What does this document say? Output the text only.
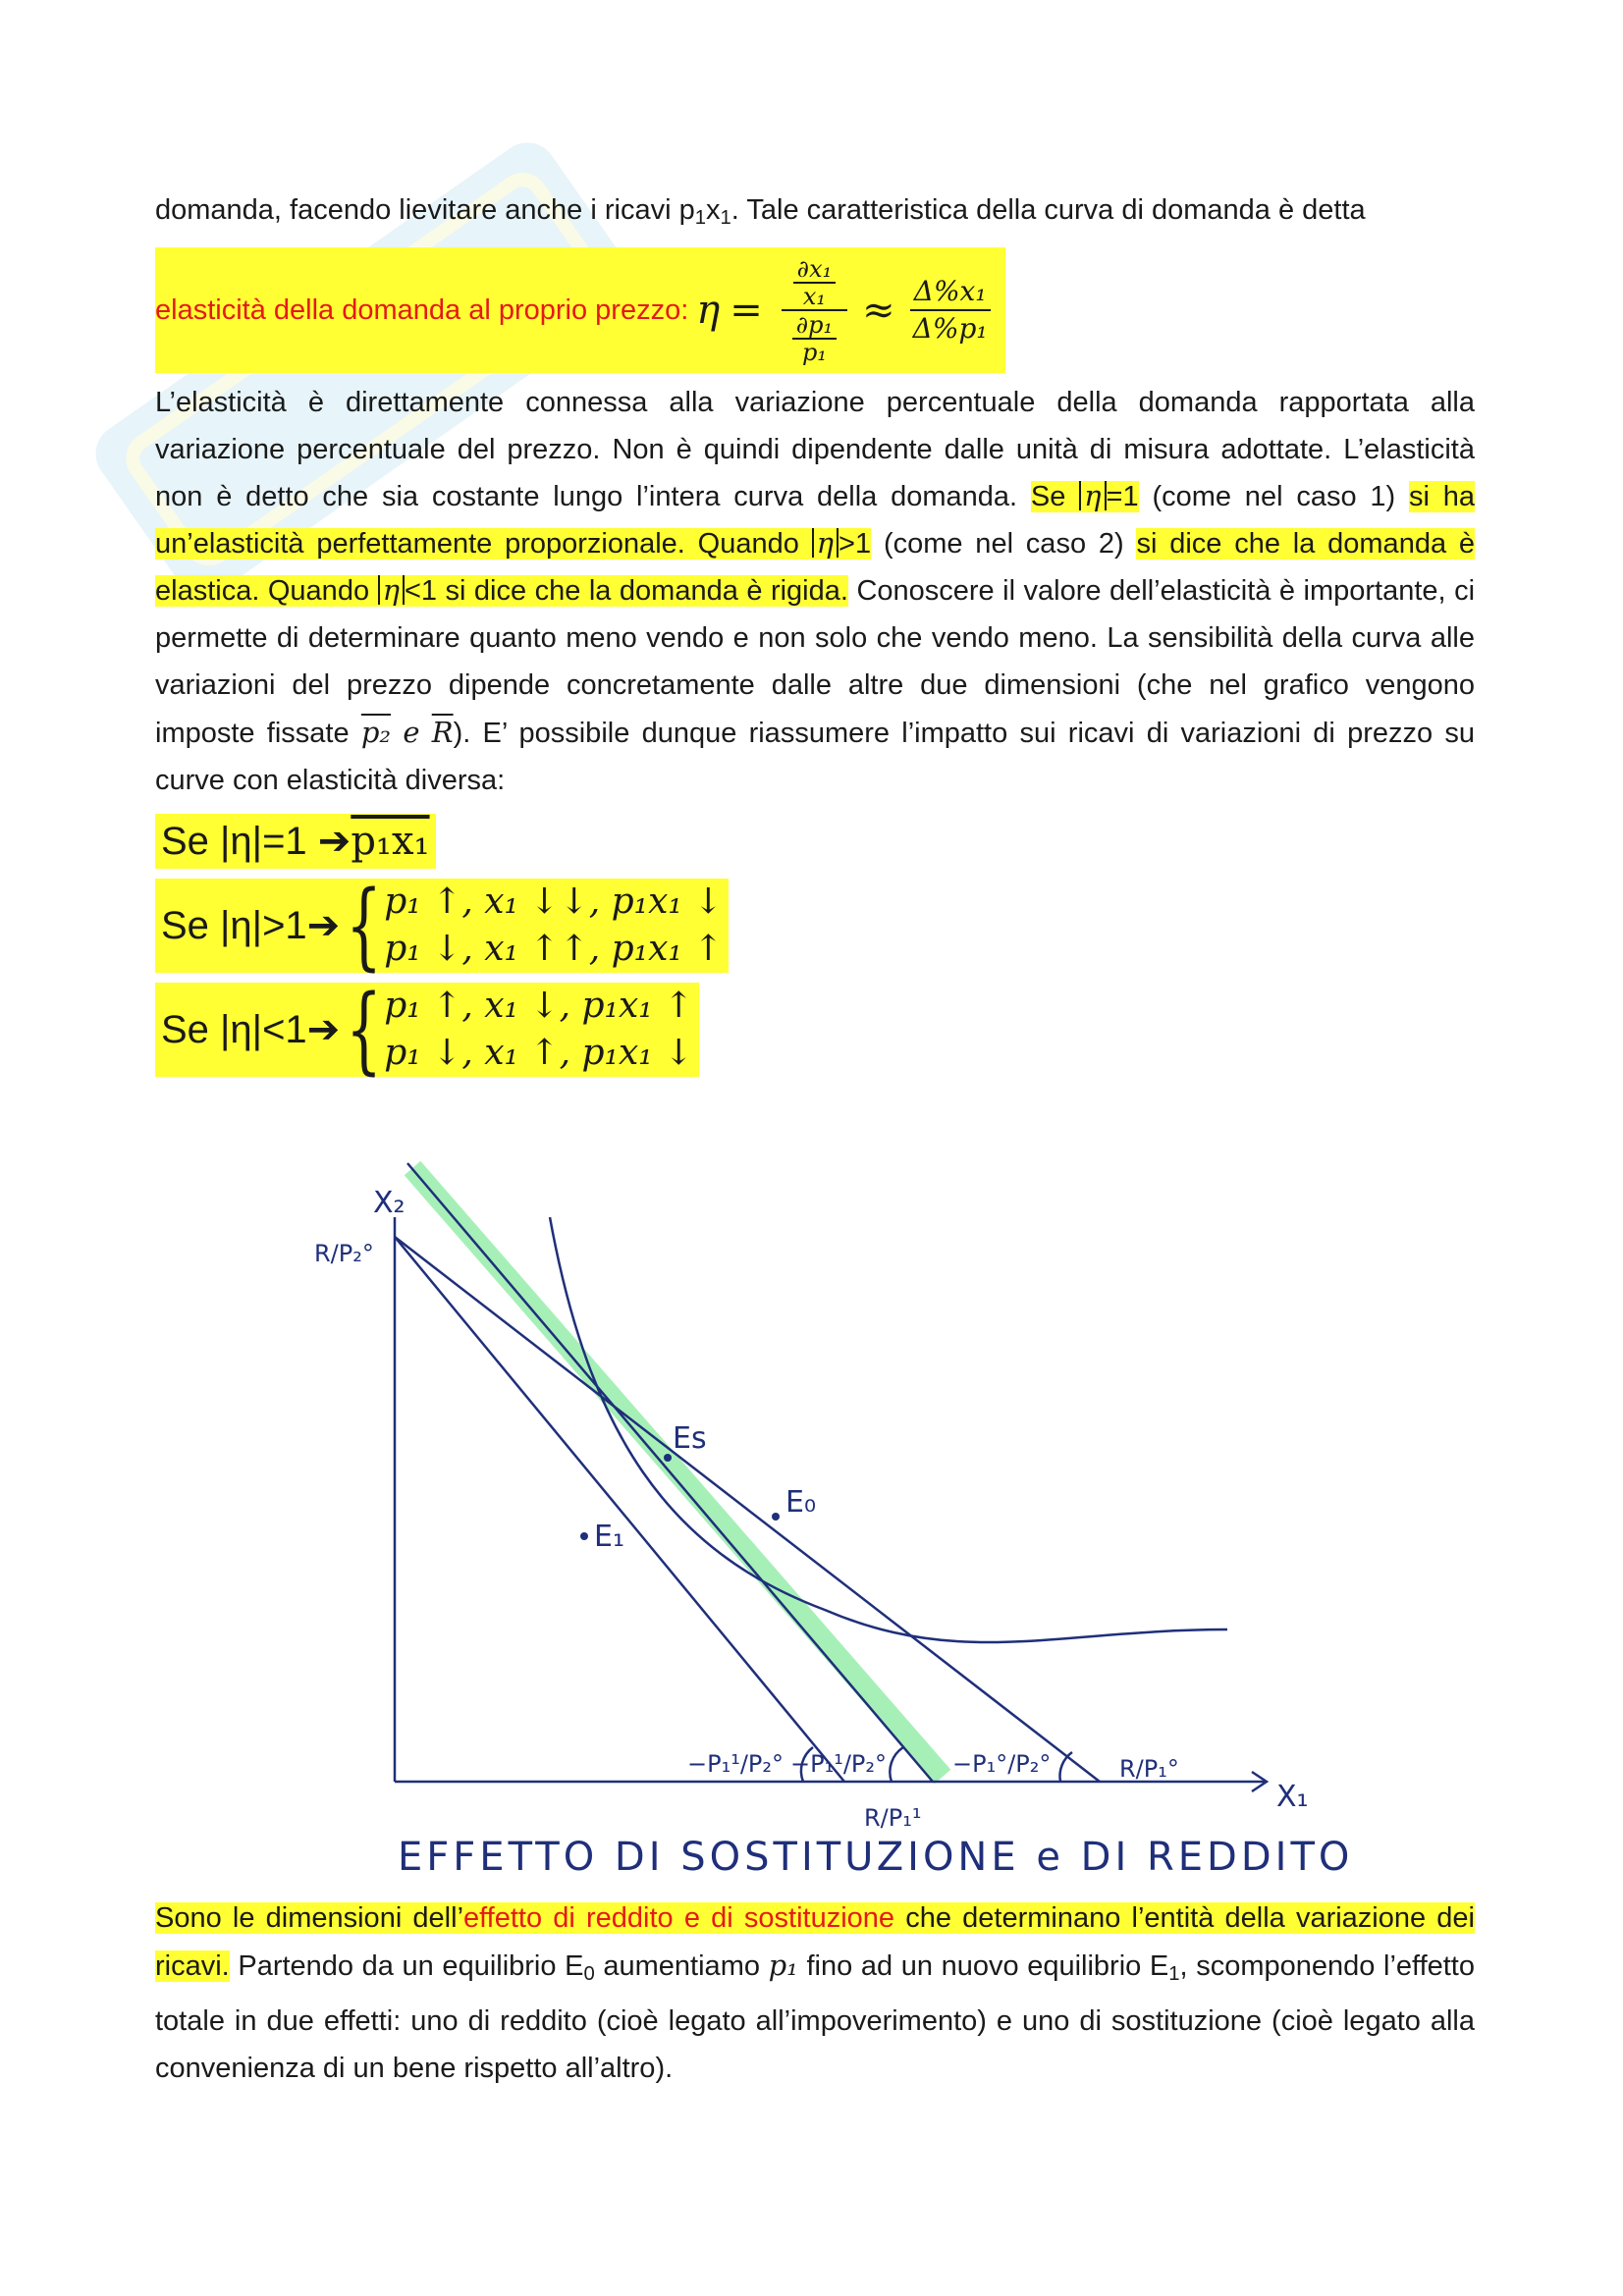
domanda, facendo lievitare anche i ricavi $p_1x_1$. Tale caratteristica della curva di domanda è detta

elasticità della domanda al proprio prezzo: $\eta = \frac{\frac{\text{∂x₁}}{\text{x₁}}}{\frac{\text{∂p₁}}{\text{p₁}}} \approx \frac{\text{Δ\%x₁}}{\text{Δ\%p₁}}$

L’elasticità è direttamente connessa alla variazione percentuale della domanda rapportata alla variazione percentuale del prezzo. Non è quindi dipendente dalle unità di misura adottate. L’elasticità non è detto che sia costante lungo l’intera curva della domanda. Se η =1 (come nel caso 1) si ha un’elasticità perfettamente proporzionale. Quando η >1 (come nel caso 2) si dice che la domanda è elastica. Quando η <1 si dice che la domanda è rigida. Conoscere il valore dell’elasticità è importante, ci permette di determinare quanto meno vendo e non solo che vendo meno. La sensibilità della curva alle variazioni del prezzo dipende concretamente dalle altre due dimensioni (che nel grafico vengono imposte fissate p₂ e $\overline{R}$). E’ possibile dunque riassumere l’impatto sui ricavi di variazioni di prezzo su curve con elasticità diversa:

Se |η|=1 ➔ p₁x₁

Se |η|>1➔ { p₁ ↑, x₁ ↓↓, p₁x₁ ↓
p₁ ↓, x₁ ↑↑, p₁x₁ ↑

Se |η|<1➔ { p₁ ↑, x₁ ↓, p₁x₁ ↑
p₁ ↓, x₁ ↑, p₁x₁ ↓
X₂
R/P₂°
Es
E₀
E₁
−P₁¹/P₂° −P₁¹/P₂°	−P₁°/P₂°
R/P₁¹
R/P₁°
X₁
EFFETTO DI SOSTITUZIONE e DI REDDITO

Sono le dimensioni dell’effetto di reddito e di sostituzione che determinano l’entità della variazione dei ricavi. Partendo da un equilibrio $E_0$ aumentiamo p₁ fino ad un nuovo equilibrio $E_1$, scomponendo l’effetto totale in due effetti: uno di reddito (cioè legato all’impoverimento) e uno di sostituzione (cioè legato alla convenienza di un bene rispetto all’altro).
